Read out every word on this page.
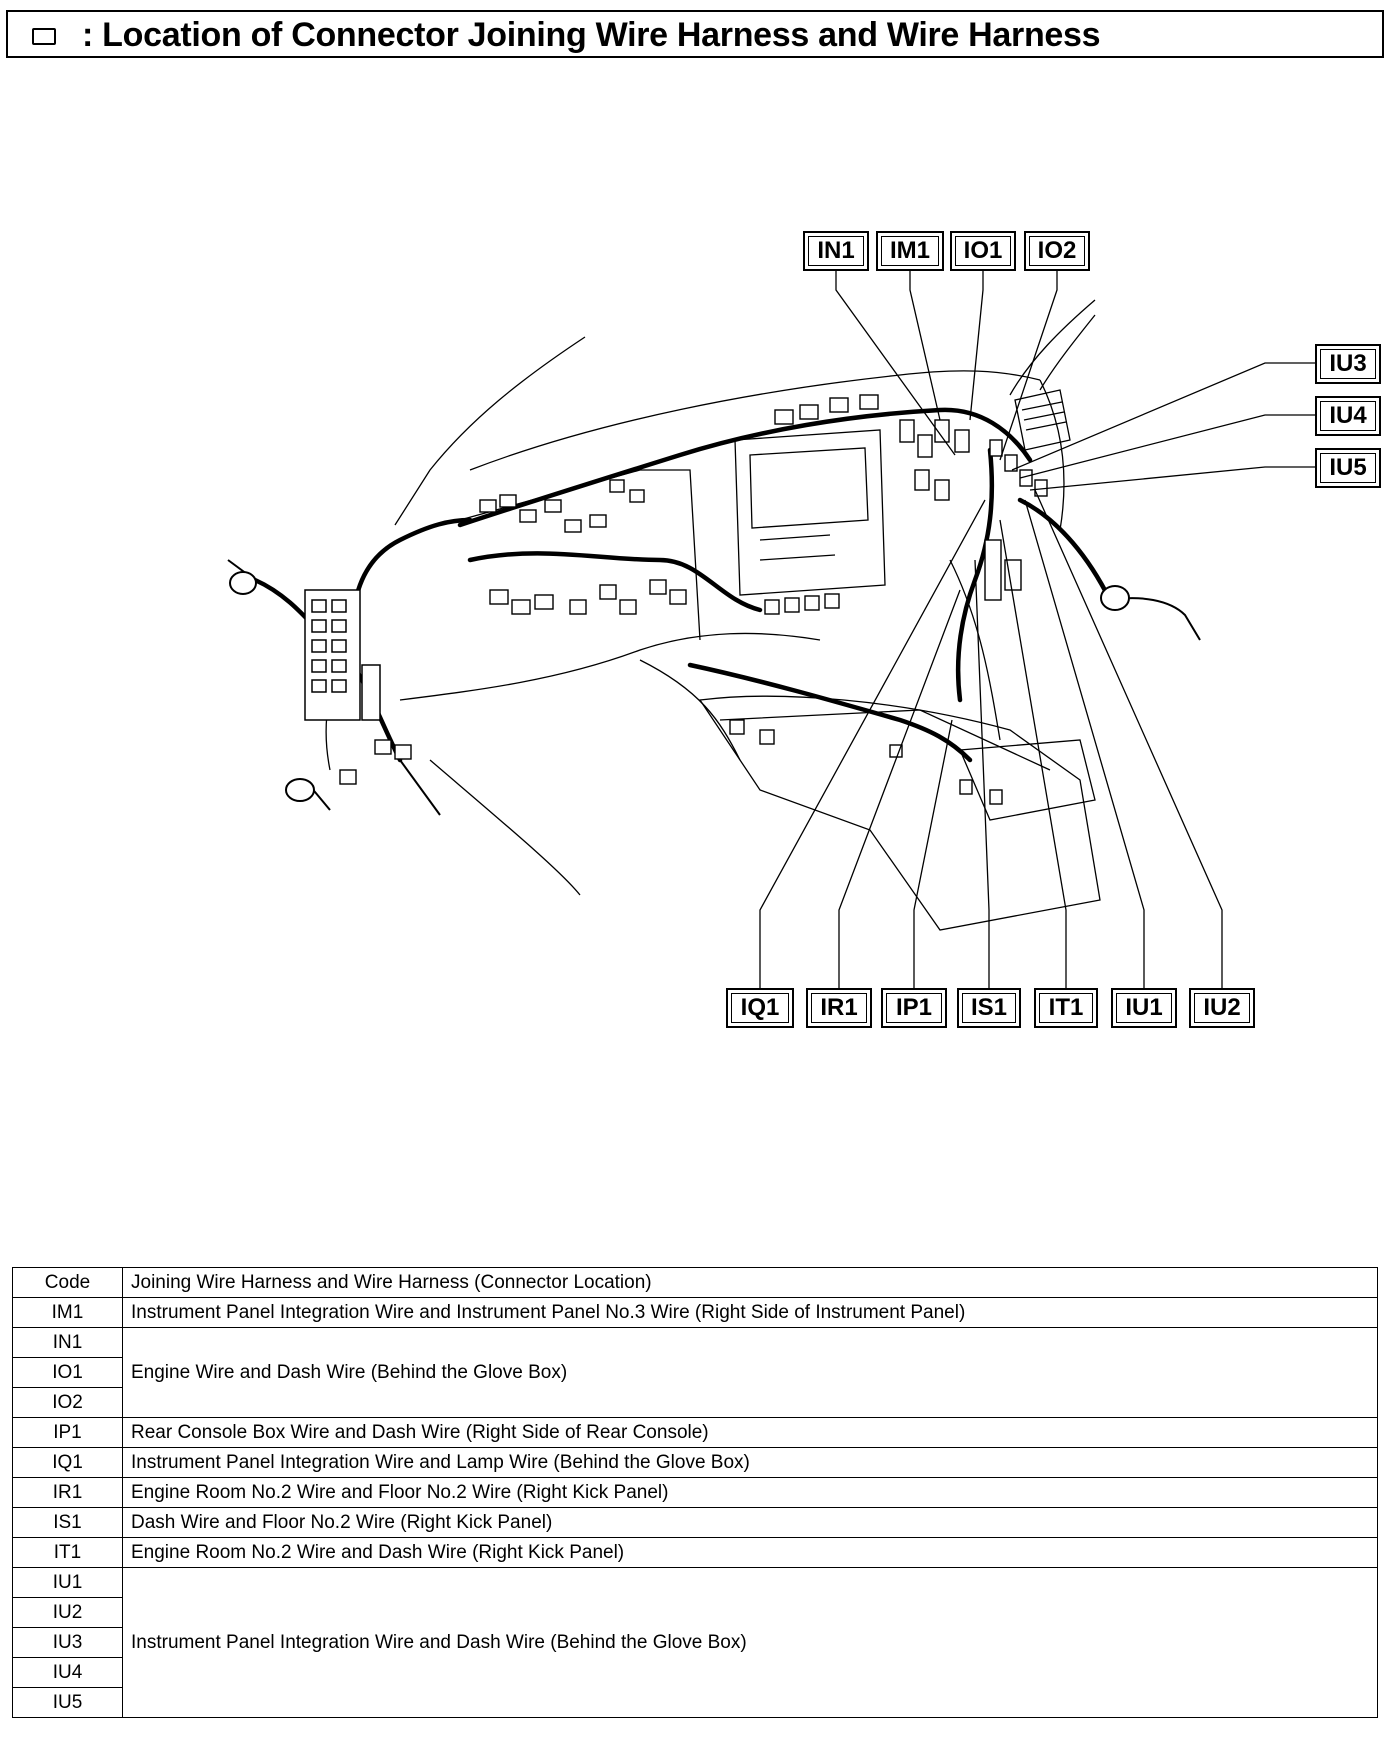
: Location of Connector Joining Wire Harness and Wire Harness
IN1 IM1 IO1 IO2
IU3
IU4
IU5
IQ1 IR1 IP1 IS1 IT1 IU1 IU2
Code	Joining Wire Harness and Wire Harness (Connector Location)
IM1	Instrument Panel Integration Wire and Instrument Panel No.3 Wire (Right Side of Instrument Panel)
IN1	Engine Wire and Dash Wire (Behind the Glove Box)
IO1	
IO2	
IP1	Rear Console Box Wire and Dash Wire (Right Side of Rear Console)
IQ1	Instrument Panel Integration Wire and Lamp Wire (Behind the Glove Box)
IR1	Engine Room No.2 Wire and Floor No.2 Wire (Right Kick Panel)
IS1	Dash Wire and Floor No.2 Wire (Right Kick Panel)
IT1	Engine Room No.2 Wire and Dash Wire (Right Kick Panel)
IU1	Instrument Panel Integration Wire and Dash Wire (Behind the Glove Box)
IU2	
IU3	
IU4	
IU5	
